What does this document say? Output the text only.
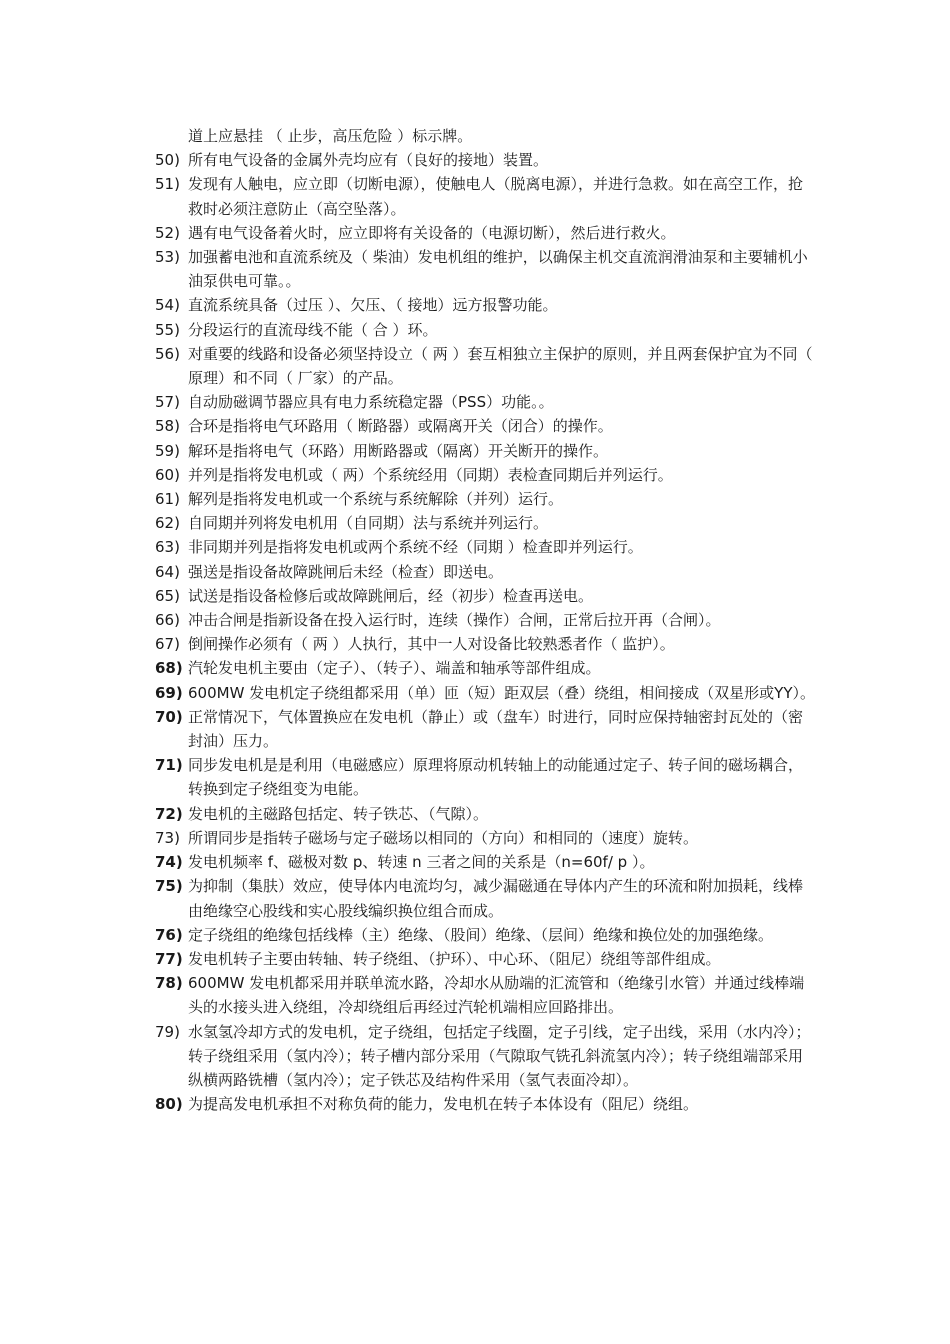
道上应悬挂 （ 止步，高压危险 ）标示牌。
50) 所有电气设备的金属外壳均应有（良好的接地）装置。
51) 发现有人触电，应立即（切断电源），使触电人（脱离电源），并进行急救。如在高空工作，抢救时必须注意防止（高空坠落）。
52) 遇有电气设备着火时，应立即将有关设备的（电源切断），然后进行救火。
53) 加强蓄电池和直流系统及（ 柴油）发电机组的维护，以确保主机交直流润滑油泵和主要辅机小油泵供电可靠。。
54) 直流系统具备（过压 ）、欠压、（ 接地）远方报警功能。
55) 分段运行的直流母线不能（ 合 ）环。
56) 对重要的线路和设备必须坚持设立（ 两 ）套互相独立主保护的原则，并且两套保护宜为不同（ 原理）和不同（ 厂家）的产品。
57) 自动励磁调节器应具有电力系统稳定器（PSS）功能。。
58) 合环是指将电气环路用（ 断路器）或隔离开关（闭合）的操作。
59) 解环是指将电气（环路）用断路器或（隔离）开关断开的操作。
60) 并列是指将发电机或（ 两）个系统经用（同期）表检查同期后并列运行。
61) 解列是指将发电机或一个系统与系统解除（并列）运行。
62) 自同期并列将发电机用（自同期）法与系统并列运行。
63) 非同期并列是指将发电机或两个系统不经（同期 ）检查即并列运行。
64) 强送是指设备故障跳闸后未经（检查）即送电。
65) 试送是指设备检修后或故障跳闸后，经（初步）检查再送电。
66) 冲击合闸是指新设备在投入运行时，连续（操作）合闸，正常后拉开再（合闸）。
67) 倒闸操作必须有（ 两 ）人执行，其中一人对设备比较熟悉者作（ 监护）。
68) 汽轮发电机主要由（定子）、（转子）、端盖和轴承等部件组成。
69) 600MW 发电机定子绕组都采用（单）匝（短）距双层（叠）绕组，相间接成（双星形或YY）。
70) 正常情况下，气体置换应在发电机（静止）或（盘车）时进行，同时应保持轴密封瓦处的（密封油）压力。
71) 同步发电机是是利用（电磁感应）原理将原动机转轴上的动能通过定子、转子间的磁场耦合，转换到定子绕组变为电能。
72) 发电机的主磁路包括定、转子铁芯、（气隙）。
73) 所谓同步是指转子磁场与定子磁场以相同的（方向）和相同的（速度）旋转。
74) 发电机频率 f、磁极对数 p、转速 n 三者之间的关系是（n=60f/ p ）。
75) 为抑制（集肤）效应，使导体内电流均匀，减少漏磁通在导体内产生的环流和附加损耗，线棒由绝缘空心股线和实心股线编织换位组合而成。
76) 定子绕组的绝缘包括线棒（主）绝缘、（股间）绝缘、（层间）绝缘和换位处的加强绝缘。
77) 发电机转子主要由转轴、转子绕组、（护环）、中心环、（阻尼）绕组等部件组成。
78) 600MW 发电机都采用并联单流水路，冷却水从励端的汇流管和（绝缘引水管）并通过线棒端头的水接头进入绕组，冷却绕组后再经过汽轮机端相应回路排出。
79) 水氢氢冷却方式的发电机，定子绕组，包括定子线圈，定子引线，定子出线，采用（水内冷）；转子绕组采用（氢内冷）；转子槽内部分采用（气隙取气铣孔斜流氢内冷）；转子绕组端部采用纵横两路铣槽（氢内冷）；定子铁芯及结构件采用（氢气表面冷却）。
80) 为提高发电机承担不对称负荷的能力，发电机在转子本体设有（阻尼）绕组。
